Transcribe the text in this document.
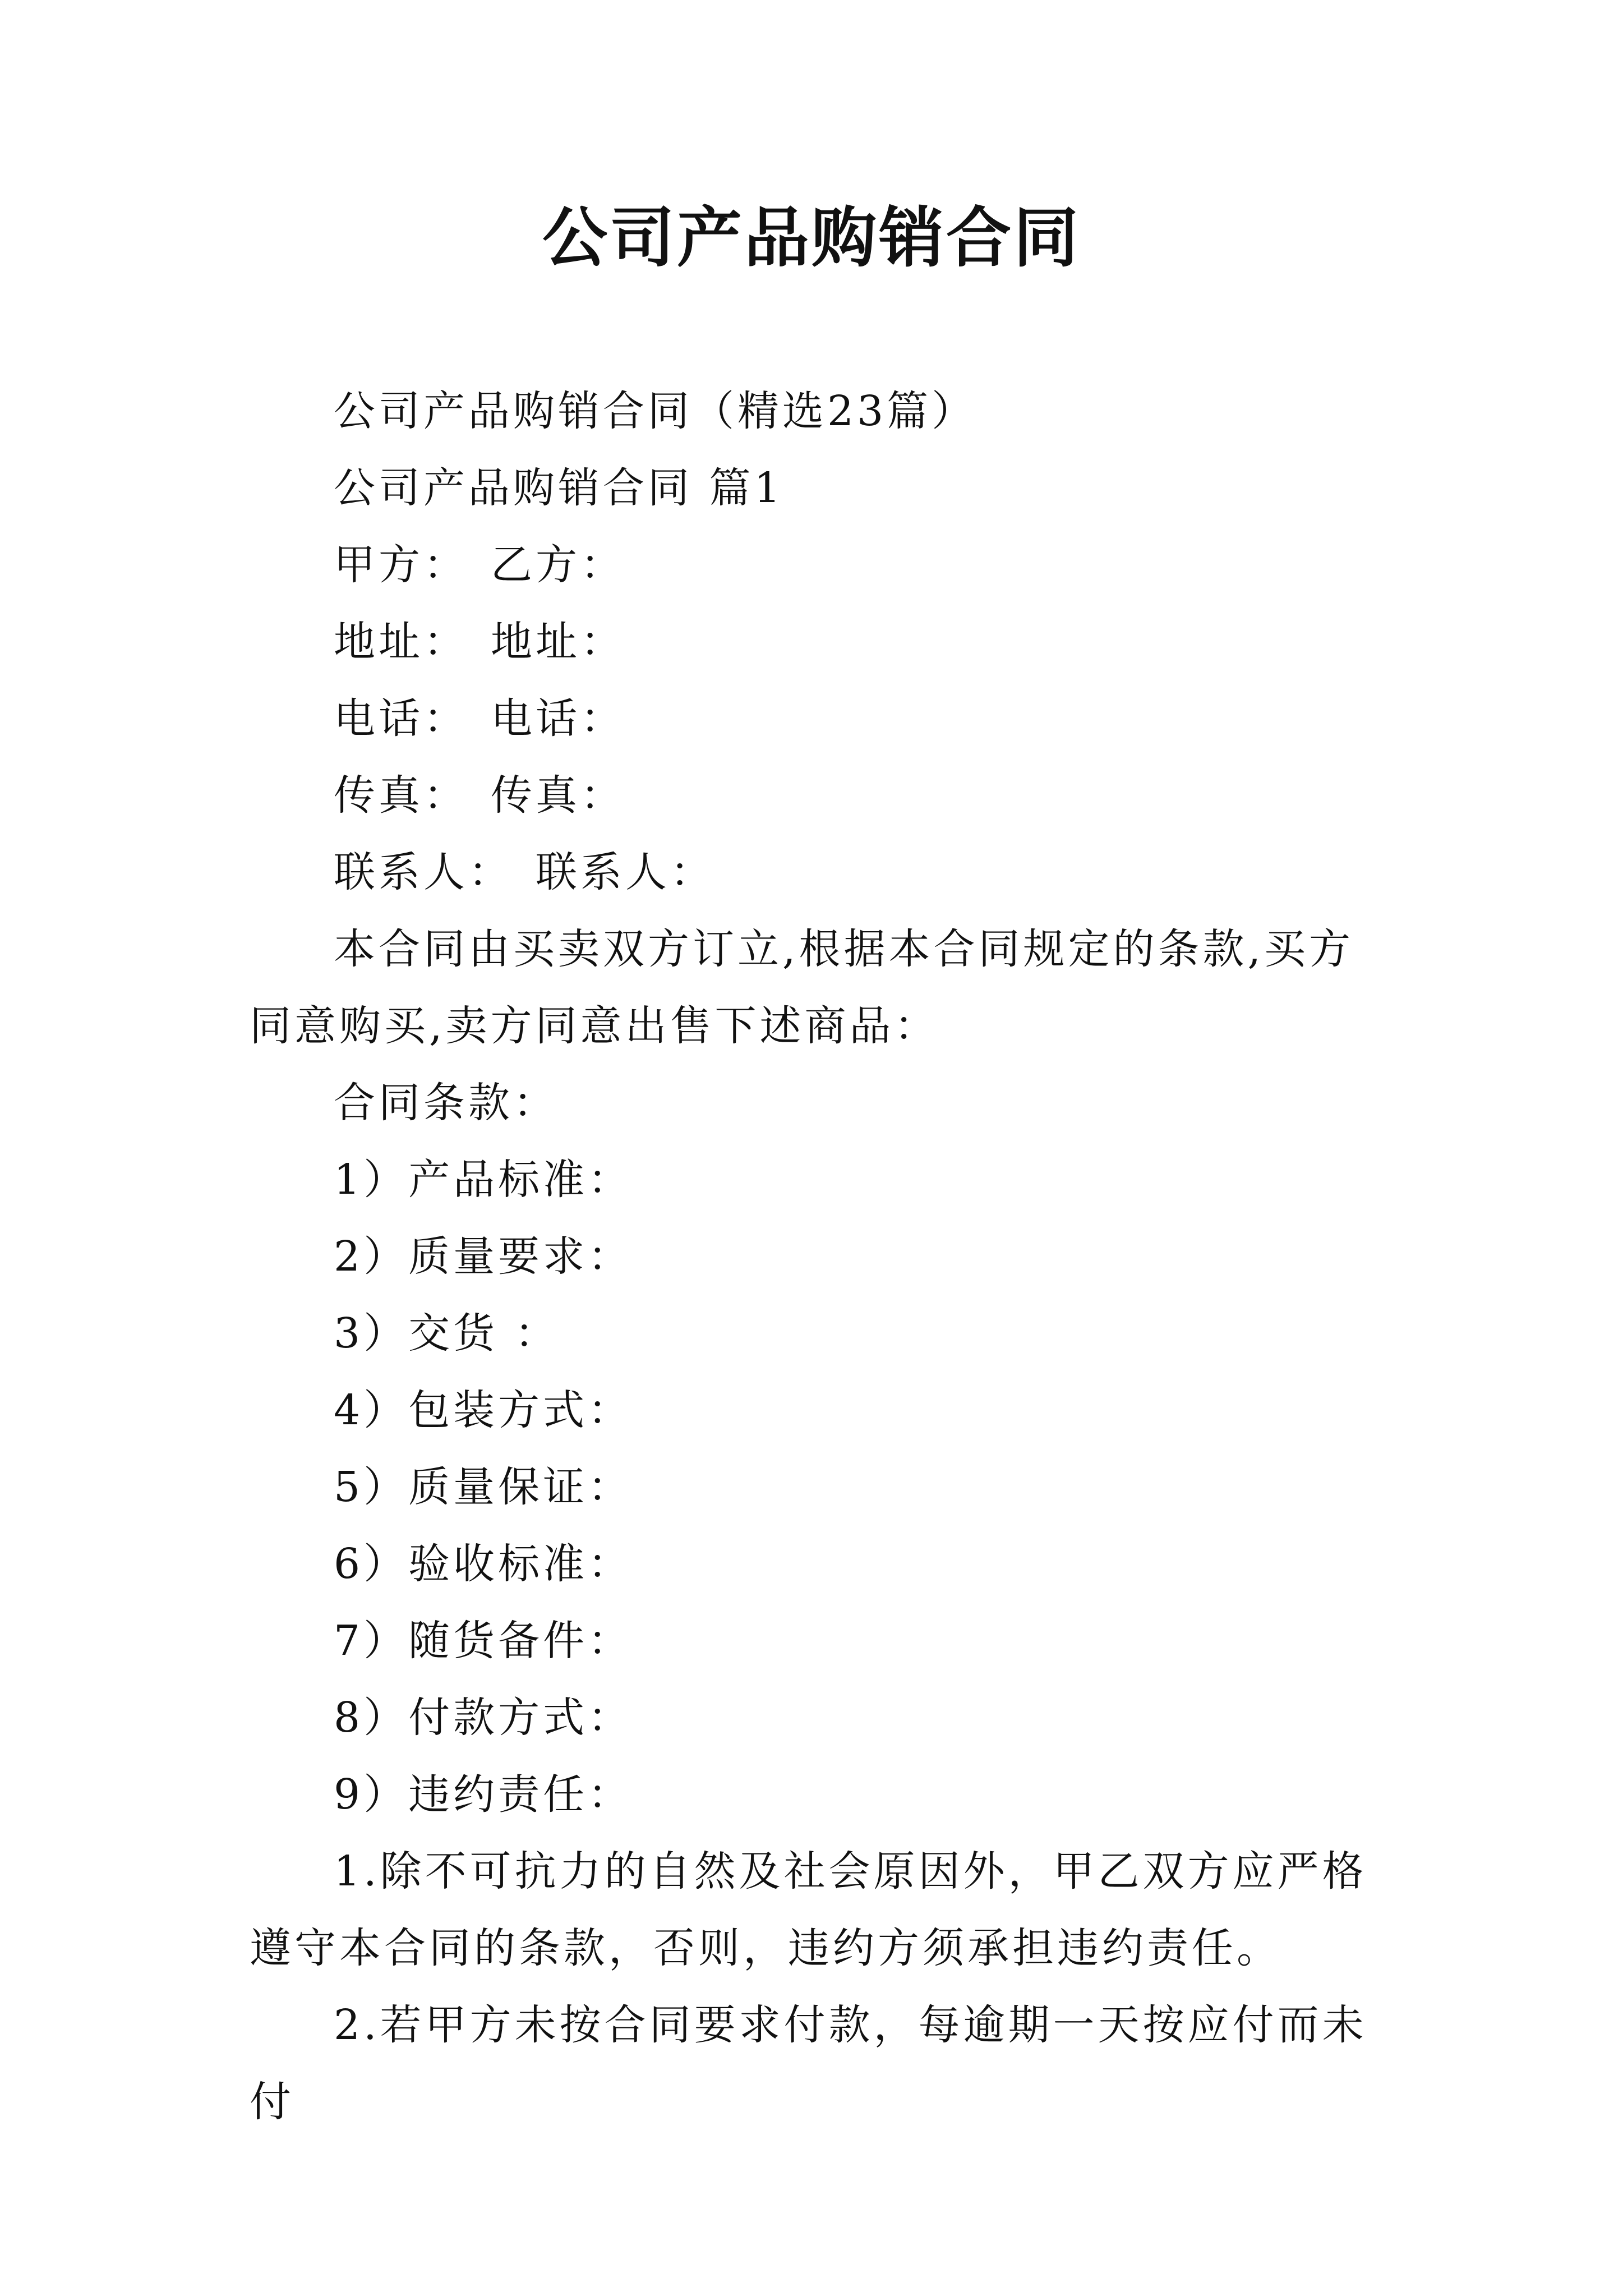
公司产品购销合同
公司产品购销合同（精选23篇）
公司产品购销合同 篇1
甲方： 乙方：
地址： 地址：
电话： 电话：
传真： 传真：
联系人： 联系人：
本合同由买卖双方订立,根据本合同规定的条款,买方同意购买,卖方同意出售下述商品：
合同条款：
1）产品标准：
2）质量要求：
3）交货 ：
4）包装方式：
5）质量保证：
6）验收标准：
7）随货备件：
8）付款方式：
9）违约责任：
1.除不可抗力的自然及社会原因外，甲乙双方应严格遵守本合同的条款，否则，违约方须承担违约责任。
2.若甲方未按合同要求付款，每逾期一天按应付而未付
